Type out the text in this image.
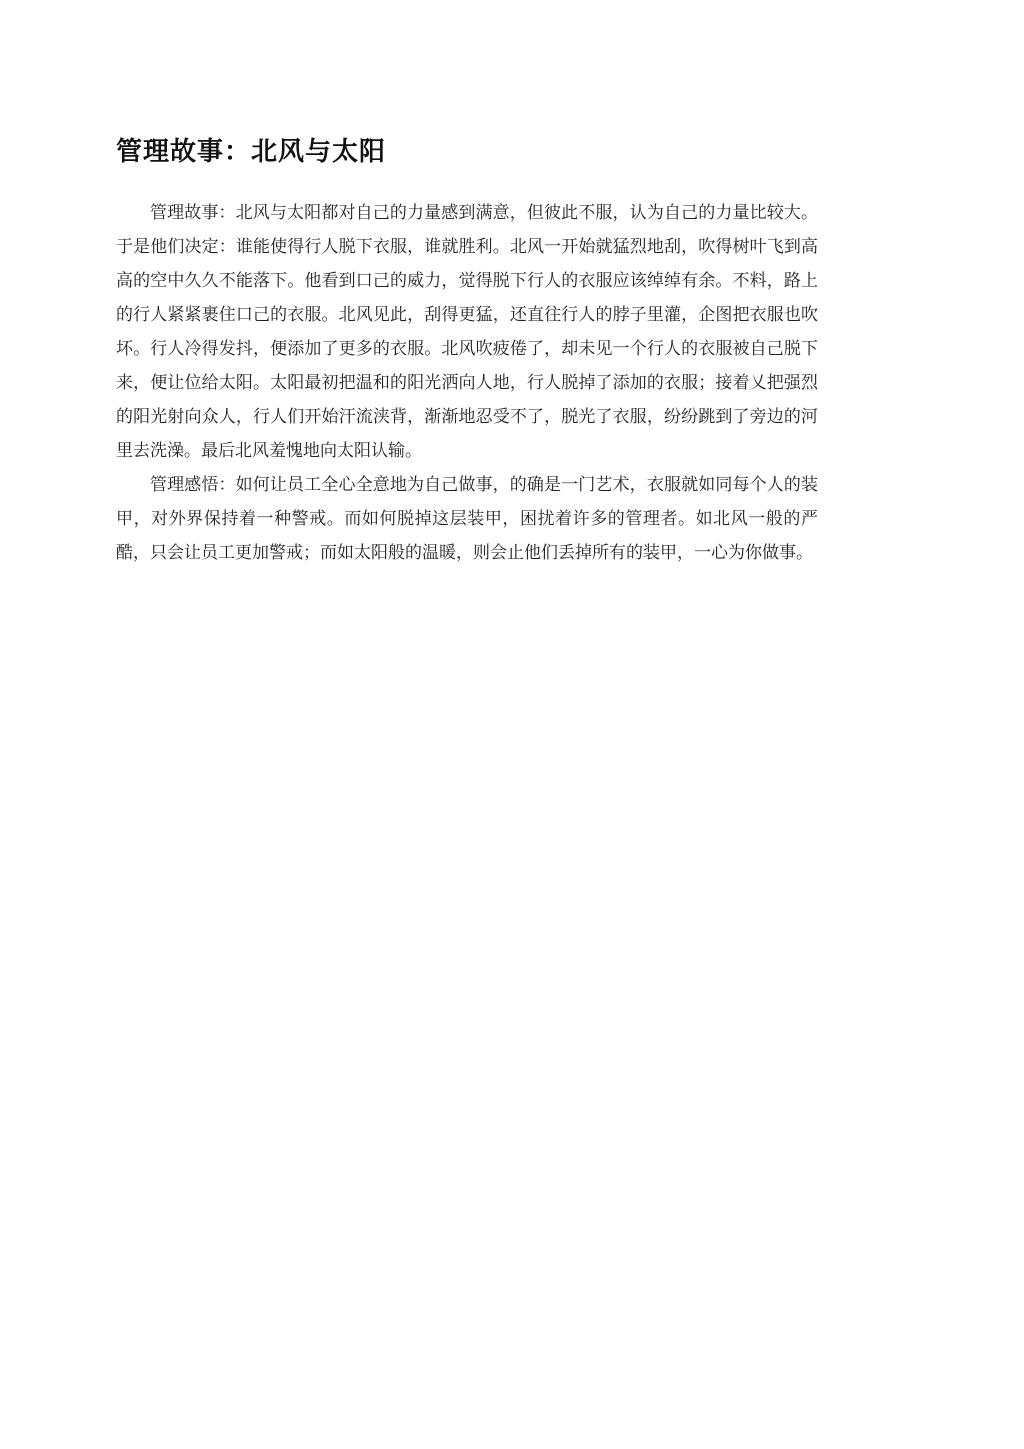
管理故事：北风与太阳

管理故事：北风与太阳都对自己的力量感到满意，但彼此不服，认为自己的力量比较大。于是他们决定：谁能使得行人脱下衣服，谁就胜利。北风一开始就猛烈地刮，吹得树叶飞到高高的空中久久不能落下。他看到口己的威力，觉得脱下行人的衣服应该绰绰有余。不料，路上的行人紧紧裹住口己的衣服。北风见此，刮得更猛，还直往行人的脖子里灌，企图把衣服也吹坏。行人冷得发抖，便添加了更多的衣服。北风吹疲倦了，却未见一个行人的衣服被自己脱下来，便让位给太阳。太阳最初把温和的阳光洒向人地，行人脱掉了添加的衣服；接着乂把强烈的阳光射向众人，行人们开始汗流浃背，渐渐地忍受不了，脱光了衣服，纷纷跳到了旁边的河里去洗澡。最后北风羞愧地向太阳认输。

管理感悟：如何让员工全心全意地为自己做事，的确是一门艺术，衣服就如同每个人的装甲，对外界保持着一种警戒。而如何脱掉这层装甲，困扰着许多的管理者。如北风一般的严酷，只会让员工更加警戒；而如太阳般的温暖，则会止他们丢掉所有的装甲，一心为你做事。
